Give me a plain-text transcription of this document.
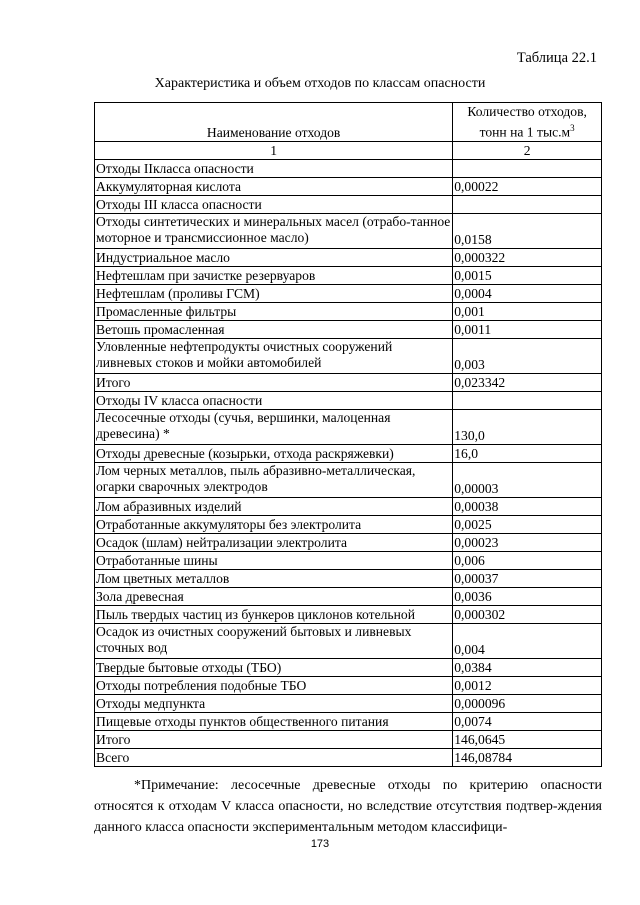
Таблица 22.1
Характеристика и объем отходов по классам опасности
Наименование отходов	Количество отходов,
тонн на 1 $тыс.м^3$
1	2
Отходы IIкласса опасности	
Аккумуляторная кислота	0,00022
Отходы III класса опасности	
Отходы синтетических и минеральных масел (отрабо-танное моторное и трансмиссионное масло)	0,0158
Индустриальное масло	0,000322
Нефтешлам при зачистке резервуаров	0,0015
Нефтешлам (проливы ГСМ)	0,0004
Промасленные фильтры	0,001
Ветошь промасленная	0,0011
Уловленные нефтепродукты очистных сооружений ливневых стоков и мойки автомобилей	0,003
Итого	0,023342
Отходы IV класса опасности	
Лесосечные отходы (сучья, вершинки, малоценная древесина) *	130,0
Отходы древесные (козырьки, отхода раскряжевки)	16,0
Лом черных металлов, пыль абразивно-металлическая, огарки сварочных электродов	0,00003
Лом абразивных изделий	0,00038
Отработанные аккумуляторы без электролита	0,0025
Осадок (шлам) нейтрализации электролита	0,00023
Отработанные шины	0,006
Лом цветных металлов	0,00037
Зола древесная	0,0036
Пыль твердых частиц из бункеров циклонов котельной	0,000302
Осадок из очистных сооружений бытовых и ливневых сточных вод	0,004
Твердые бытовые отходы (ТБО)	0,0384
Отходы потребления подобные ТБО	0,0012
Отходы медпункта	0,000096
Пищевые отходы пунктов общественного питания	0,0074
Итого	146,0645
Всего	146,08784

*Примечание: лесосечные древесные отходы по критерию опасности относятся к отходам V класса опасности, но вследствие отсутствия подтвер-ждения данного класса опасности экспериментальным методом классифици-

173
